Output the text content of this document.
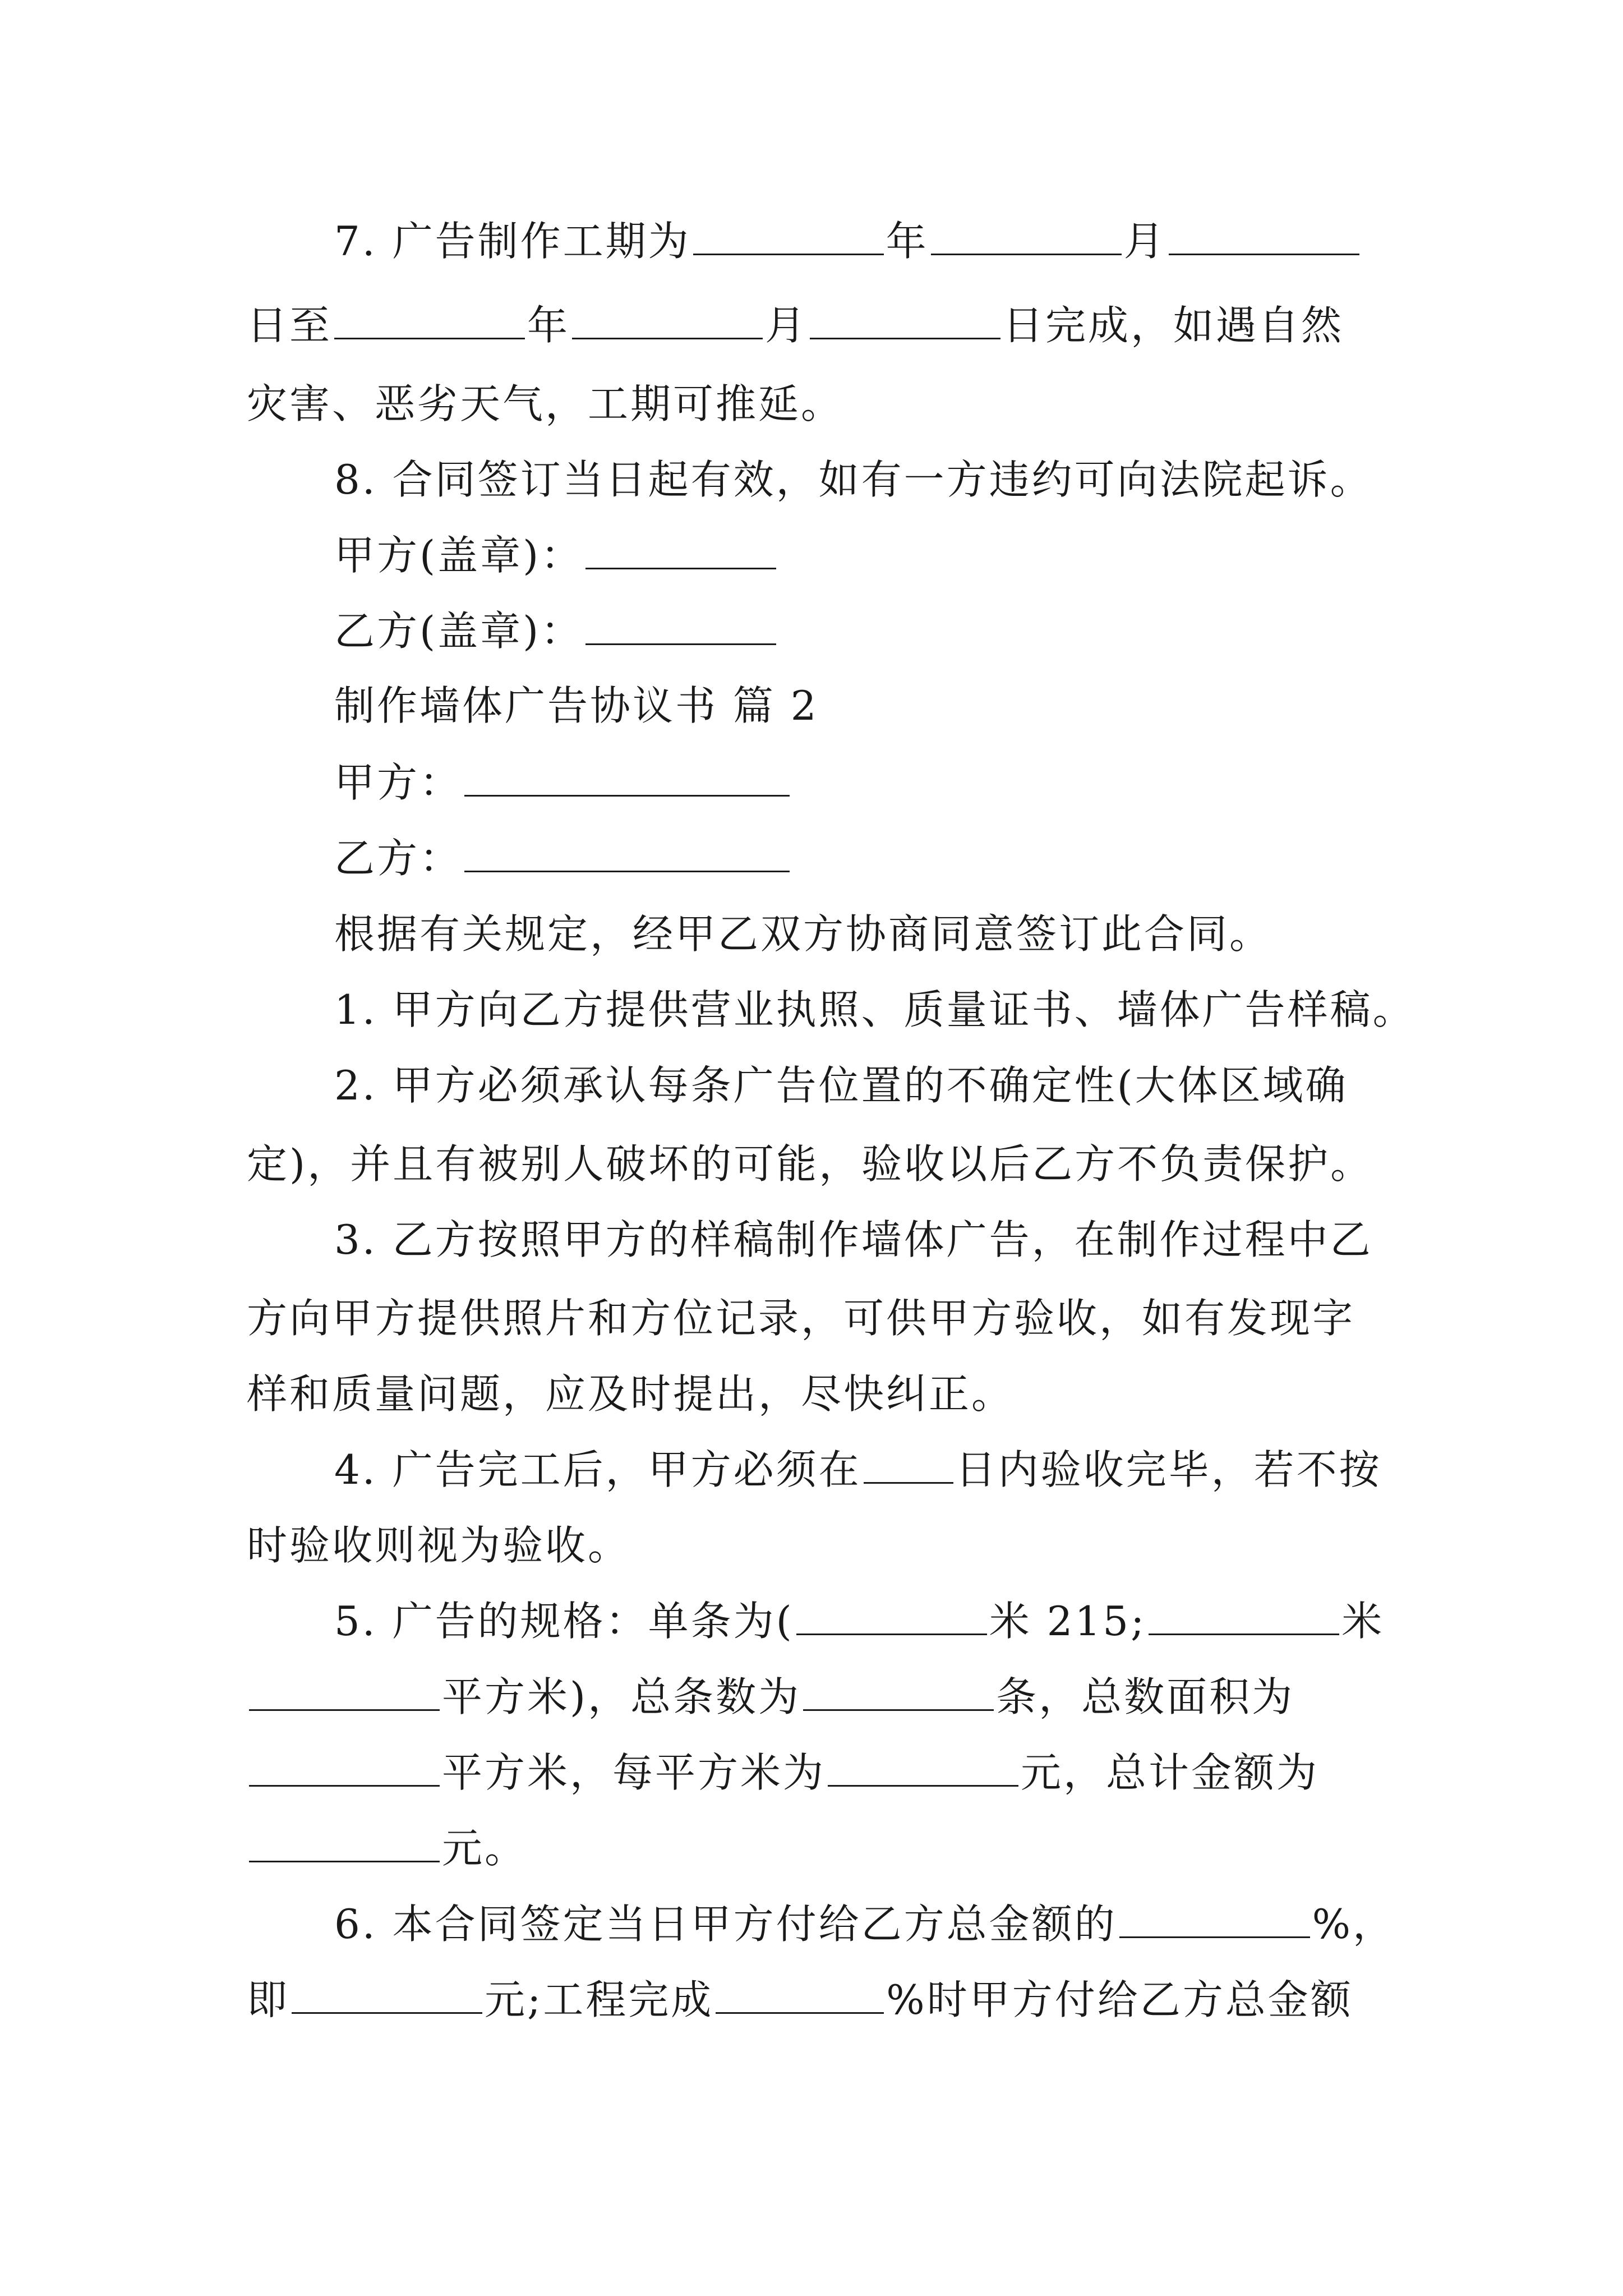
7. 广告制作工期为	年	月
日至	年	月	日完成，如遇自然
灾害、恶劣天气，工期可推延。
8. 合同签订当日起有效，如有一方违约可向法院起诉。
甲方(盖章)：
乙方(盖章)：
制作墙体广告协议书 篇 2
甲方：
乙方：
根据有关规定，经甲乙双方协商同意签订此合同。
1. 甲方向乙方提供营业执照、质量证书、墙体广告样稿。
2. 甲方必须承认每条广告位置的不确定性(大体区域确
定)，并且有被别人破坏的可能，验收以后乙方不负责保护。
3. 乙方按照甲方的样稿制作墙体广告，在制作过程中乙
方向甲方提供照片和方位记录，可供甲方验收，如有发现字
样和质量问题，应及时提出，尽快纠正。
4. 广告完工后，甲方必须在 日内验收完毕，若不按
时验收则视为验收。
5. 广告的规格：单条为(	米 215;	米
平方米)，总条数为	条，总数面积为
平方米，每平方米为	元，总计金额为
元。
6. 本合同签定当日甲方付给乙方总金额的	%，
即	元;工程完成	%时甲方付给乙方总金额
